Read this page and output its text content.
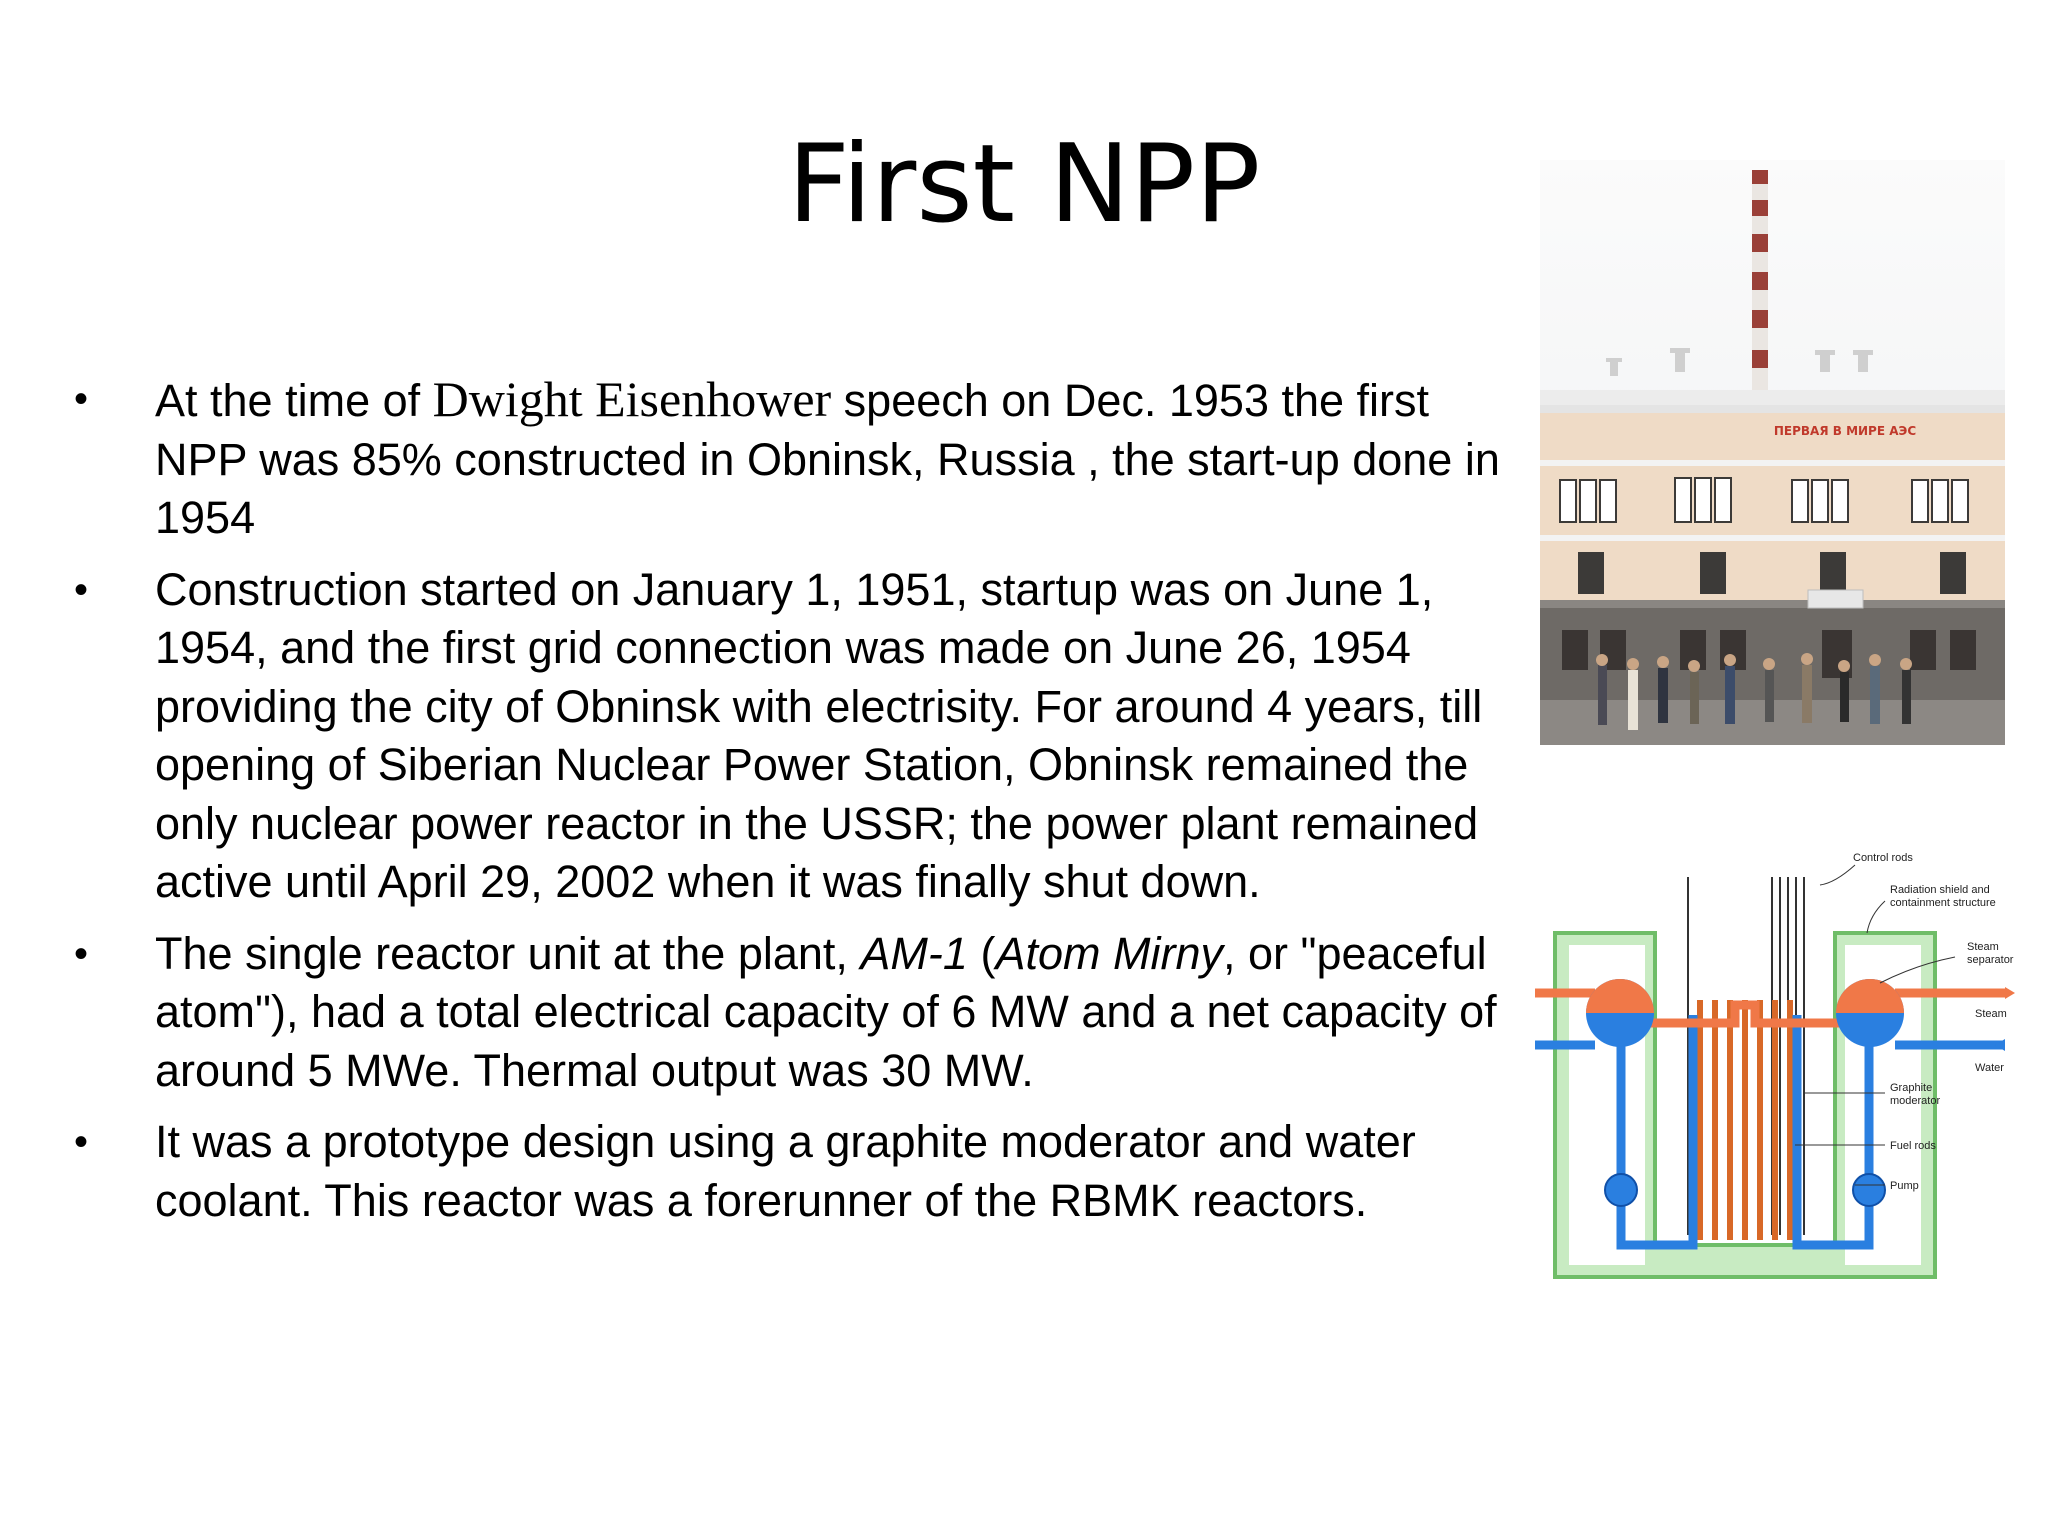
First NPP
• At the time of Dwight Eisenhower speech on Dec. 1953 the first NPP was 85% constructed in Obninsk, Russia , the start-up done in 1954
• Construction started on January 1, 1951, startup was on June 1, 1954, and the first grid connection was made on June 26, 1954 providing the city of Obninsk with electrisity. For around 4 years, till opening of Siberian Nuclear Power Station, Obninsk remained the only nuclear power reactor in the USSR; the power plant remained active until April 29, 2002 when it was finally shut down.
• The single reactor unit at the plant, AM-1 (Atom Mirny, or "peaceful atom"), had a total electrical capacity of 6 MW and a net capacity of around 5 MWe. Thermal output was 30 MW.
• It was a prototype design using a graphite moderator and water coolant. This reactor was a forerunner of the RBMK reactors.
ПЕРВАЯ В МИРЕ АЭС
Control rods
Radiation shield and
containment structure
Steam
separator
Steam
Water
Graphite
moderator
Fuel rods
Pump
